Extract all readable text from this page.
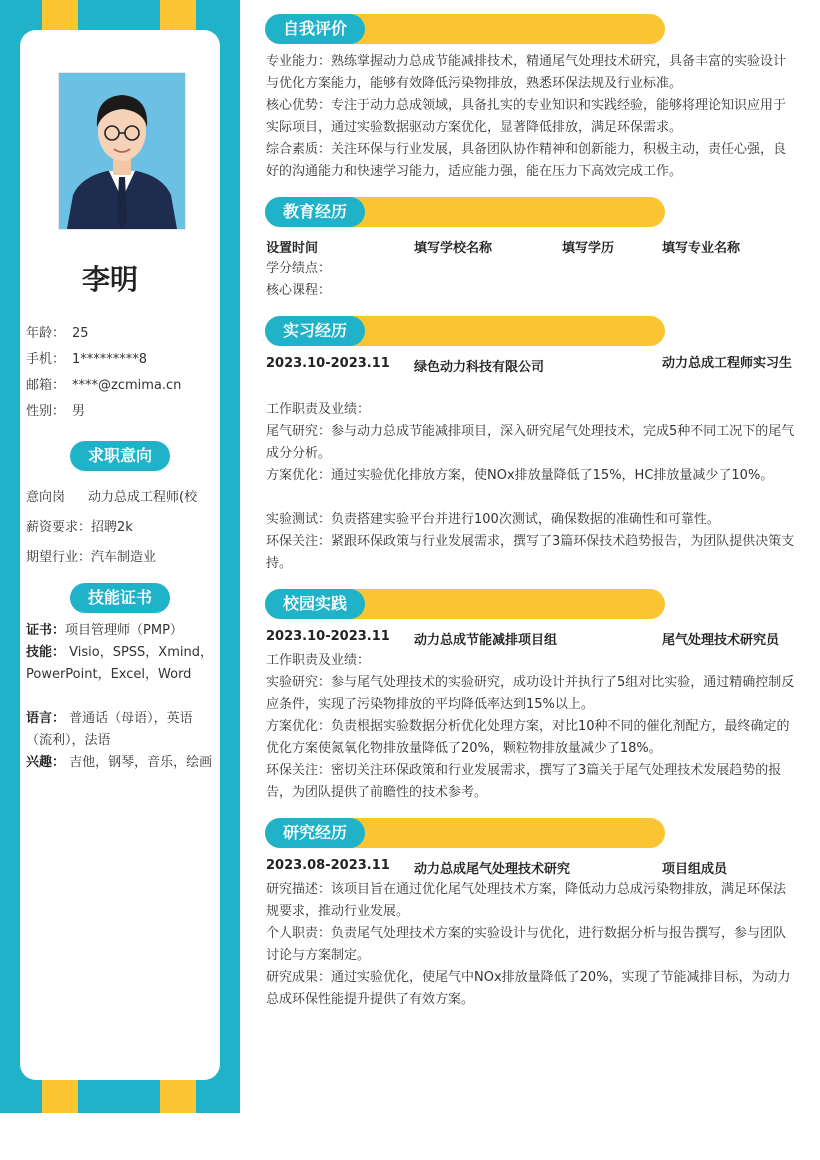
李明
年龄： 25
手机： 1*********8
邮箱： ****@zcmima.cn
性别： 男
求职意向
意向岗 动力总成工程师(校
薪资要求：招聘2k
期望行业：汽车制造业
技能证书
证书：项目管理师（PMP）
技能： Visio，SPSS，Xmind，PowerPoint，Excel，Word
语言： 普通话（母语），英语（流利），法语
兴趣： 吉他，钢琴，音乐，绘画
自我评价
专业能力：熟练掌握动力总成节能减排技术，精通尾气处理技术研究，具备丰富的实验设计与优化方案能力，能够有效降低污染物排放，熟悉环保法规及行业标准。
核心优势：专注于动力总成领域，具备扎实的专业知识和实践经验，能够将理论知识应用于实际项目，通过实验数据驱动方案优化，显著降低排放，满足环保需求。
综合素质：关注环保与行业发展，具备团队协作精神和创新能力，积极主动，责任心强，良好的沟通能力和快速学习能力，适应能力强，能在压力下高效完成工作。
教育经历
设置时间	填写学校名称	填写学历	填写专业名称
学分绩点：
核心课程：
实习经历
2023.10-2023.11 绿色动力科技有限公司	动力总成工程师实习生
工作职责及业绩：
尾气研究：参与动力总成节能减排项目，深入研究尾气处理技术，完成5种不同工况下的尾气成分分析。
方案优化：通过实验优化排放方案，使NOx排放量降低了15%，HC排放量减少了10%。
实验测试：负责搭建实验平台并进行100次测试，确保数据的准确性和可靠性。
环保关注：紧跟环保政策与行业发展需求，撰写了3篇环保技术趋势报告，为团队提供决策支持。
校园实践
2023.10-2023.11 动力总成节能减排项目组	尾气处理技术研究员
工作职责及业绩：
实验研究：参与尾气处理技术的实验研究，成功设计并执行了5组对比实验，通过精确控制反应条件，实现了污染物排放的平均降低率达到15%以上。
方案优化：负责根据实验数据分析优化处理方案，对比10种不同的催化剂配方，最终确定的优化方案使氮氧化物排放量降低了20%，颗粒物排放量减少了18%。
环保关注：密切关注环保政策和行业发展需求，撰写了3篇关于尾气处理技术发展趋势的报告，为团队提供了前瞻性的技术参考。
研究经历
2023.08-2023.11 动力总成尾气处理技术研究	项目组成员
研究描述：该项目旨在通过优化尾气处理技术方案，降低动力总成污染物排放，满足环保法规要求，推动行业发展。
个人职责：负责尾气处理技术方案的实验设计与优化，进行数据分析与报告撰写，参与团队讨论与方案制定。
研究成果：通过实验优化，使尾气中NOx排放量降低了20%，实现了节能减排目标，为动力总成环保性能提升提供了有效方案。
